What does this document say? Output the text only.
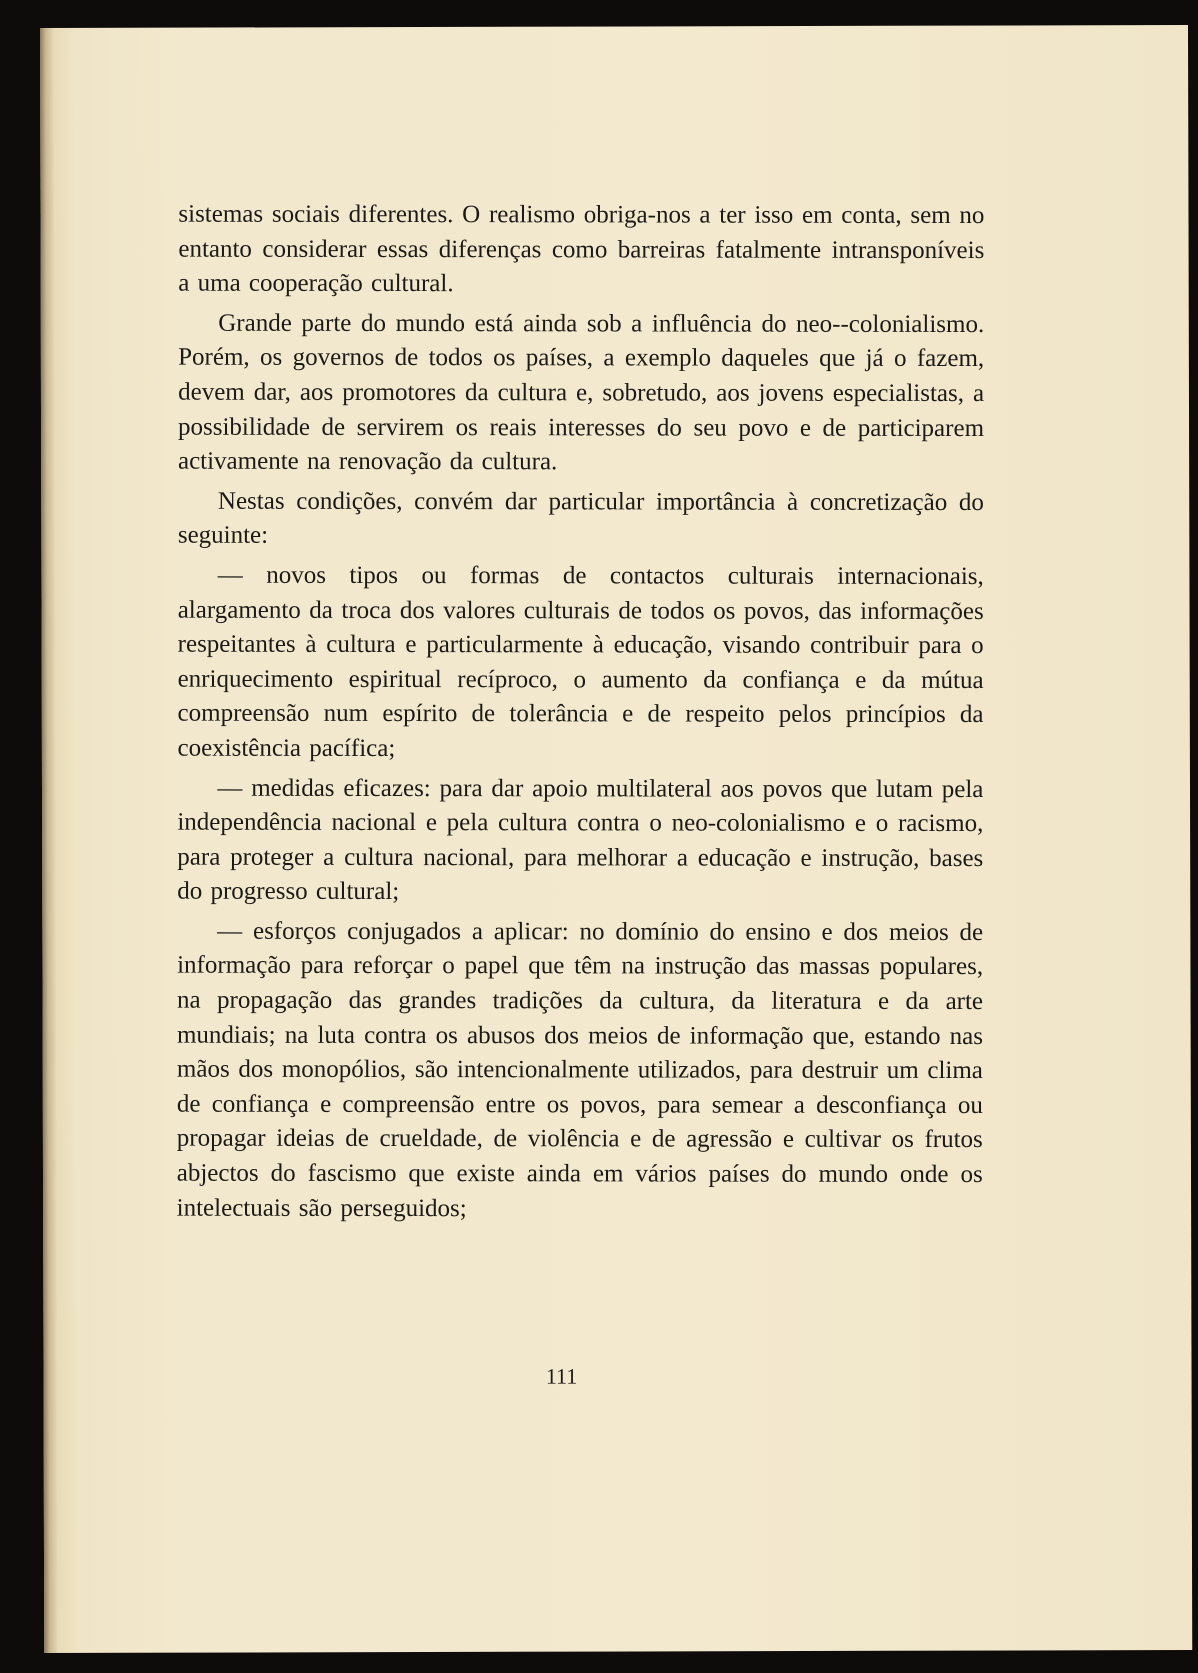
sistemas sociais diferentes. O realismo obriga-nos a ter isso em conta, sem no entanto considerar essas diferenças como barreiras fatalmente intransponíveis a uma cooperação cultural.

Grande parte do mundo está ainda sob a influência do neo--colonialismo. Porém, os governos de todos os países, a exemplo daqueles que já o fazem, devem dar, aos promotores da cultura e, sobretudo, aos jovens especialistas, a possibilidade de servirem os reais interesses do seu povo e de participarem activamente na renovação da cultura.

Nestas condições, convém dar particular importância à concretização do seguinte:

— novos tipos ou formas de contactos culturais internacionais, alargamento da troca dos valores culturais de todos os povos, das informações respeitantes à cultura e particularmente à educação, visando contribuir para o enriquecimento espiritual recíproco, o aumento da confiança e da mútua compreensão num espírito de tolerância e de respeito pelos princípios da coexistência pacífica;

— medidas eficazes: para dar apoio multilateral aos povos que lutam pela independência nacional e pela cultura contra o neo-colonialismo e o racismo, para proteger a cultura nacional, para melhorar a educação e instrução, bases do progresso cultural;

— esforços conjugados a aplicar: no domínio do ensino e dos meios de informação para reforçar o papel que têm na instrução das massas populares, na propagação das grandes tradições da cultura, da literatura e da arte mundiais; na luta contra os abusos dos meios de informação que, estando nas mãos dos monopólios, são intencionalmente utilizados, para destruir um clima de confiança e compreensão entre os povos, para semear a desconfiança ou propagar ideias de crueldade, de violência e de agressão e cultivar os frutos abjectos do fascismo que existe ainda em vários países do mundo onde os intelectuais são perseguidos;

111
